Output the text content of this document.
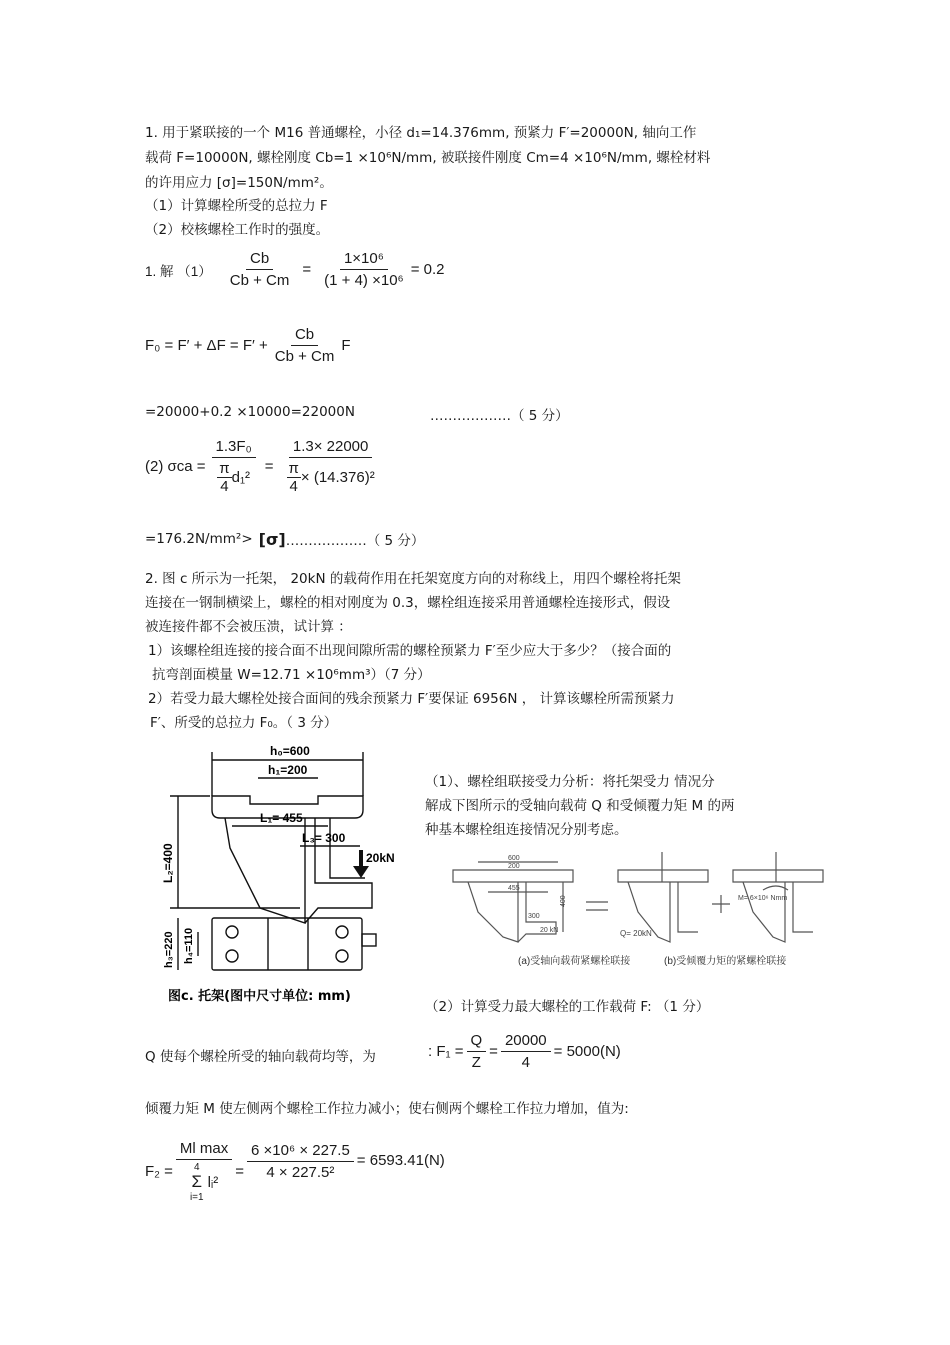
1. 用于紧联接的一个 M16 普通螺栓，小径 d₁=14.376mm, 预紧力 F′=20000N, 轴向工作
载荷 F=10000N, 螺栓刚度 Cb=1 ×10⁶N/mm, 被联接件刚度 Cm=4 ×10⁶N/mm, 螺栓材料
的许用应力 [σ]=150N/mm²。
（1）计算螺栓所受的总拉力 F
（2）校核螺栓工作时的强度。
1. 解 $(1) \frac{Cb}{Cb + Cm} = \frac{\text{1×10⁶}}{\text{(1 + 4) ×10⁶}} = 0.2$
$F_0 = F' + \Delta F = F' + \frac{Cb}{Cb + Cm}$ F
=20000+0.2 ×10000=22000N	………………（ 5 分）
(2) $\sigma ca = \frac{\text{1.3F₀}}{\frac{\pi}{4} d_1^2} = \frac{1.3\times 22000}{\frac{\pi}{4} \times (14.376)^2}$
=176.2N/mm²> [σ] ………………（ 5 分）
2. 图 c 所示为一托架， 20kN 的载荷作用在托架宽度方向的对称线上，用四个螺栓将托架
连接在一钢制横梁上，螺栓的相对刚度为 0.3，螺栓组连接采用普通螺栓连接形式，假设
被连接件都不会被压溃，试计算 ：
1）该螺栓组连接的接合面不出现间隙所需的螺栓预紧力 F′至少应大于多少？（接合面的
抗弯剖面模量 W=12.71 ×10⁶mm³）（7 分）
2）若受力最大螺栓处接合面间的残余预紧力 F′要保证 6956N ， 计算该螺栓所需预紧力
F′、所受的总拉力 F₀。（ 3 分）
h₀=600
h₁=200
L₁= 455
L₃= 300
20kN
L₂=400
h₃=220 h₄=110
图c. 托架(图中尺寸单位: mm)
（1）、螺栓组联接受力分析：将托架受力 情况分
解成下图所示的受轴向载荷 Q 和受倾覆力矩 M 的两
种基本螺栓组连接情况分别考虑。
600
200
455
400
300
20 kN	Q= 20kN
M= 6×10⁶ Nmm
(a)受轴向载荷紧螺栓联接	(b)受倾覆力矩的紧螺栓联接
（2）计算受力最大螺栓的工作载荷 F: （1 分）
Q 使每个螺栓所受的轴向载荷均等，为	: $F_1 = \frac{Q}{Z} = \frac{20000}{4} = 5000(N)$
倾覆力矩 M 使左侧两个螺栓工作拉力减小；使右侧两个螺栓工作拉力增加，值为:
F₂ = Ml max
4
Σ
i=1
lᵢ² = $\frac{\text{6 ×10⁶ × 227.5}}{\text{4 × 227.5²}} = 6593.41(N)$
